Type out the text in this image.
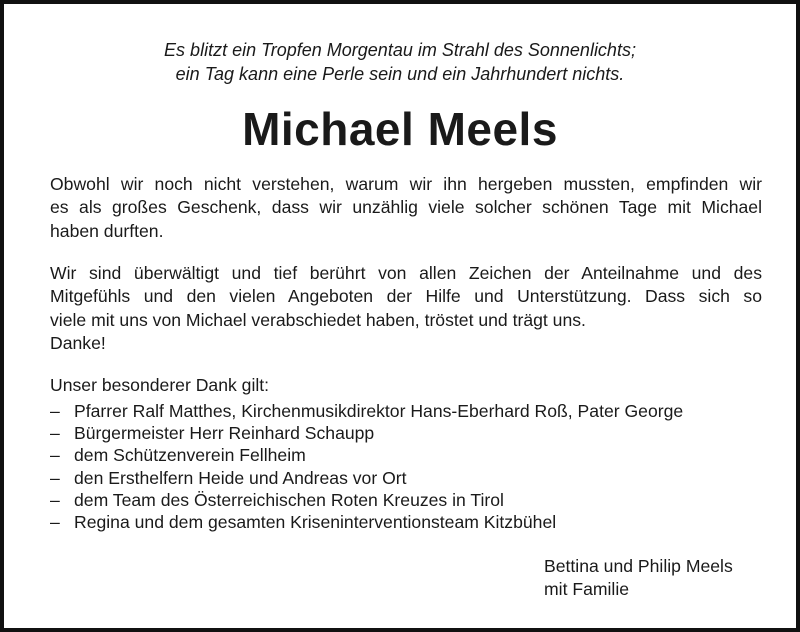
Es blitzt ein Tropfen Morgentau im Strahl des Sonnenlichts;
ein Tag kann eine Perle sein und ein Jahrhundert nichts.
Michael Meels
Obwohl wir noch nicht verstehen, warum wir ihn hergeben mussten, empfinden wir
es als großes Geschenk, dass wir unzählig viele solcher schönen Tage mit Michael
haben durften.
Wir sind überwältigt und tief berührt von allen Zeichen der Anteilnahme und des
Mitgefühls und den vielen Angeboten der Hilfe und Unterstützung. Dass sich so
viele mit uns von Michael verabschiedet haben, tröstet und trägt uns.
Danke!
Unser besonderer Dank gilt:
– Pfarrer Ralf Matthes, Kirchenmusikdirektor Hans-Eberhard Roß, Pater George
– Bürgermeister Herr Reinhard Schaupp
– dem Schützenverein Fellheim
– den Ersthelfern Heide und Andreas vor Ort
– dem Team des Österreichischen Roten Kreuzes in Tirol
– Regina und dem gesamten Kriseninterventionsteam Kitzbühel
Bettina und Philip Meels
mit Familie
